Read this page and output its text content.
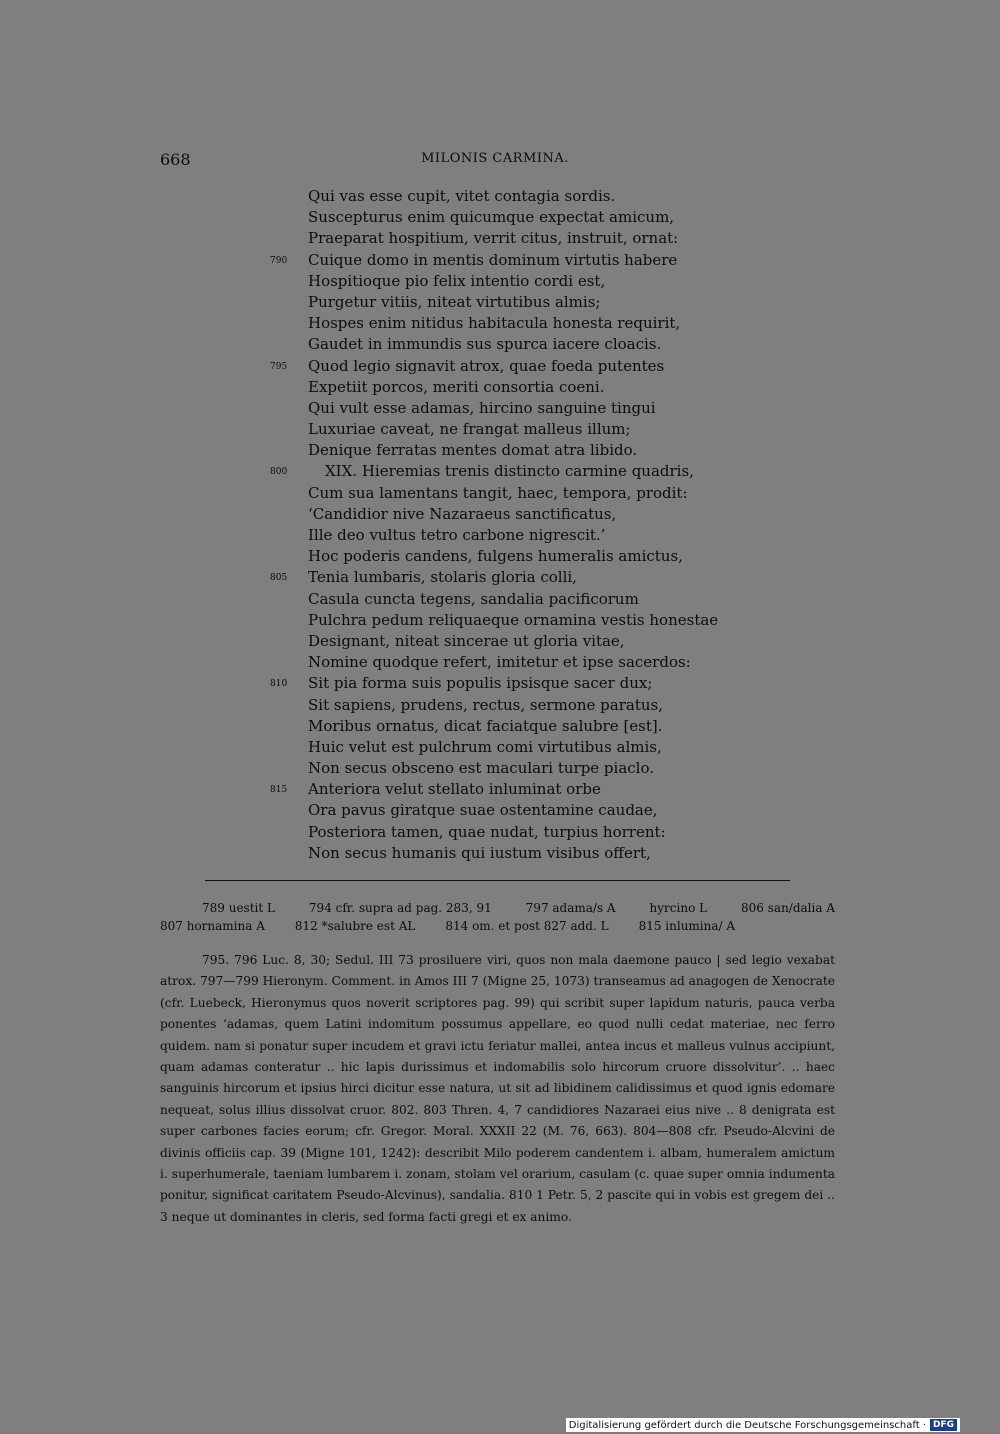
668	MILONIS CARMINA.
Qui vas esse cupit, vitet contagia sordis.
Suscepturus enim quicumque expectat amicum,
Praeparat hospitium, verrit citus, instruit, ornat:
790 Cuique domo in mentis dominum virtutis habere
Hospitioque pio felix intentio cordi est,
Purgetur vitiis, niteat virtutibus almis;
Hospes enim nitidus habitacula honesta requirit,
Gaudet in immundis sus spurca iacere cloacis.
795 Quod legio signavit atrox, quae foeda putentes
Expetiit porcos, meriti consortia coeni.
Qui vult esse adamas, hircino sanguine tingui
Luxuriae caveat, ne frangat malleus illum;
Denique ferratas mentes domat atra libido.
800	XIX. Hieremias trenis distincto carmine quadris,
Cum sua lamentans tangit, haec, tempora, prodit:
‘Candidior nive Nazaraeus sanctificatus,
Ille deo vultus tetro carbone nigrescit.’
Hoc poderis candens, fulgens humeralis amictus,
805 Tenia lumbaris, stolaris gloria colli,
Casula cuncta tegens, sandalia pacificorum
Pulchra pedum reliquaeque ornamina vestis honestae
Designant, niteat sincerae ut gloria vitae,
Nomine quodque refert, imitetur et ipse sacerdos:
810 Sit pia forma suis populis ipsisque sacer dux;
Sit sapiens, prudens, rectus, sermone paratus,
Moribus ornatus, dicat faciatque salubre [est].
Huic velut est pulchrum comi virtutibus almis,
Non secus obsceno est maculari turpe piaclo.
815 Anteriora velut stellato inluminat orbe
Ora pavus giratque suae ostentamine caudae,
Posteriora tamen, quae nudat, turpius horrent:
Non secus humanis qui iustum visibus offert,
789 uestit L	794 cfr. supra ad pag. 283, 91	797 adama/s A	hyrcino L	806 san/dalia A
807 hornamina A	812 *salubre est AL	814 om. et post 827 add. L	815 inlumina/ A
795. 796 Luc. 8, 30; Sedul. III 73 prosiluere viri, quos non mala daemone pauco | sed legio vexabat atrox. 797—799 Hieronym. Comment. in Amos III 7 (Migne 25, 1073) transeamus ad anagogen de Xenocrate (cfr. Luebeck, Hieronymus quos noverit scriptores pag. 99) qui scribit super lapidum naturis, pauca verba ponentes ‘adamas, quem Latini indomitum possumus appellare, eo quod nulli cedat materiae, nec ferro quidem. nam si ponatur super incudem et gravi ictu feriatur mallei, antea incus et malleus vulnus accipiunt, quam adamas conteratur .. hic lapis durissimus et indomabilis solo hircorum cruore dissolvitur’. .. haec sanguinis hircorum et ipsius hirci dicitur esse natura, ut sit ad libidinem calidissimus et quod ignis edomare nequeat, solus illius dissolvat cruor. 802. 803 Thren. 4, 7 candidiores Nazaraei eius nive .. 8 denigrata est super carbones facies eorum; cfr. Gregor. Moral. XXXII 22 (M. 76, 663). 804—808 cfr. Pseudo-Alcvini de divinis officiis cap. 39 (Migne 101, 1242): describit Milo poderem candentem i. albam, humeralem amictum i. superhumerale, taeniam lumbarem i. zonam, stolam vel orarium, casulam (c. quae super omnia indumenta ponitur, significat caritatem Pseudo-Alcvinus), sandalia. 810 1 Petr. 5, 2 pascite qui in vobis est gregem dei .. 3 neque ut dominantes in cleris, sed forma facti gregi et ex animo.
Digitalisierung gefördert durch die Deutsche Forschungsgemeinschaft · DFG
